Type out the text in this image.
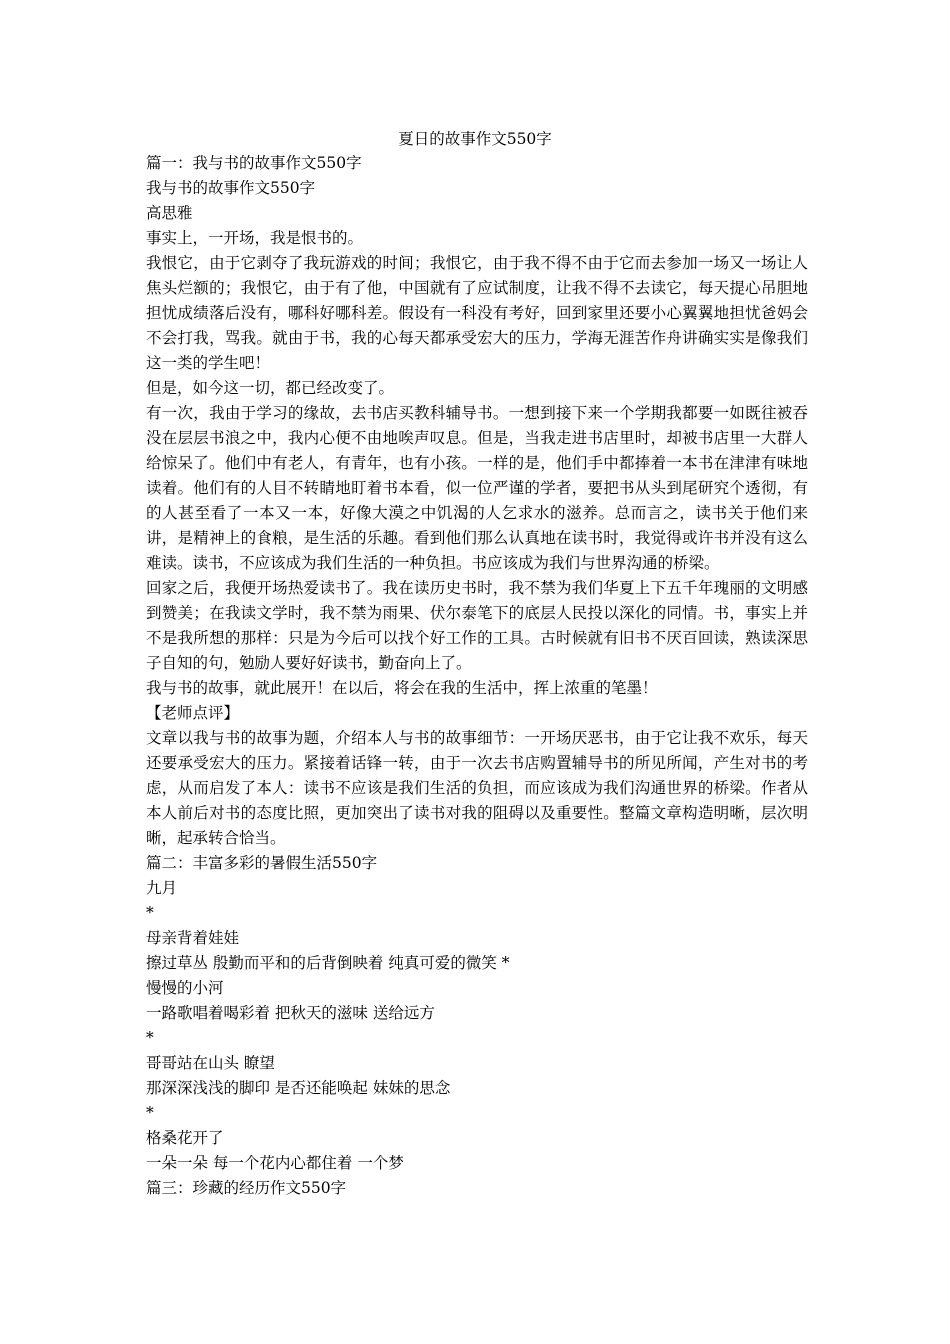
夏日的故事作文550字
篇一：我与书的故事作文550字
我与书的故事作文550字
高思雅
事实上，一开场，我是恨书的。
我恨它，由于它剥夺了我玩游戏的时间；我恨它，由于我不得不由于它而去参加一场又一场让人焦头烂额的；我恨它，由于有了他，中国就有了应试制度，让我不得不去读它，每天提心吊胆地担忧成绩落后没有，哪科好哪科差。假设有一科没有考好，回到家里还要小心翼翼地担忧爸妈会不会打我，骂我。就由于书，我的心每天都承受宏大的压力，学海无涯苦作舟讲确实实是像我们这一类的学生吧！
但是，如今这一切，都已经改变了。
有一次，我由于学习的缘故，去书店买教科辅导书。一想到接下来一个学期我都要一如既往被吞没在层层书浪之中，我内心便不由地唉声叹息。但是，当我走进书店里时，却被书店里一大群人给惊呆了。他们中有老人，有青年，也有小孩。一样的是，他们手中都捧着一本书在津津有味地读着。他们有的人目不转睛地盯着书本看，似一位严谨的学者，要把书从头到尾研究个透彻，有的人甚至看了一本又一本，好像大漠之中饥渴的人乞求水的滋养。总而言之，读书关于他们来讲，是精神上的食粮，是生活的乐趣。看到他们那么认真地在读书时，我觉得或许书并没有这么难读。读书，不应该成为我们生活的一种负担。书应该成为我们与世界沟通的桥梁。
回家之后，我便开场热爱读书了。我在读历史书时，我不禁为我们华夏上下五千年瑰丽的文明感到赞美；在我读文学时，我不禁为雨果、伏尔泰笔下的底层人民投以深化的同情。书，事实上并不是我所想的那样：只是为今后可以找个好工作的工具。古时候就有旧书不厌百回读，熟读深思子自知的句，勉励人要好好读书，勤奋向上了。
我与书的故事，就此展开！在以后，将会在我的生活中，挥上浓重的笔墨！
【老师点评】
文章以我与书的故事为题，介绍本人与书的故事细节：一开场厌恶书，由于它让我不欢乐，每天还要承受宏大的压力。紧接着话锋一转，由于一次去书店购置辅导书的所见所闻，产生对书的考虑，从而启发了本人：读书不应该是我们生活的负担，而应该成为我们沟通世界的桥梁。作者从本人前后对书的态度比照，更加突出了读书对我的阻碍以及重要性。整篇文章构造明晰，层次明晰，起承转合恰当。
篇二：丰富多彩的暑假生活550字
九月
*
母亲背着娃娃
擦过草丛 殷勤而平和的后背倒映着 纯真可爱的微笑 *
慢慢的小河
一路歌唱着喝彩着 把秋天的滋味 送给远方
*
哥哥站在山头 瞭望
那深深浅浅的脚印 是否还能唤起 妹妹的思念
*
格桑花开了
一朵一朵 每一个花内心都住着 一个梦
篇三：珍藏的经历作文550字
